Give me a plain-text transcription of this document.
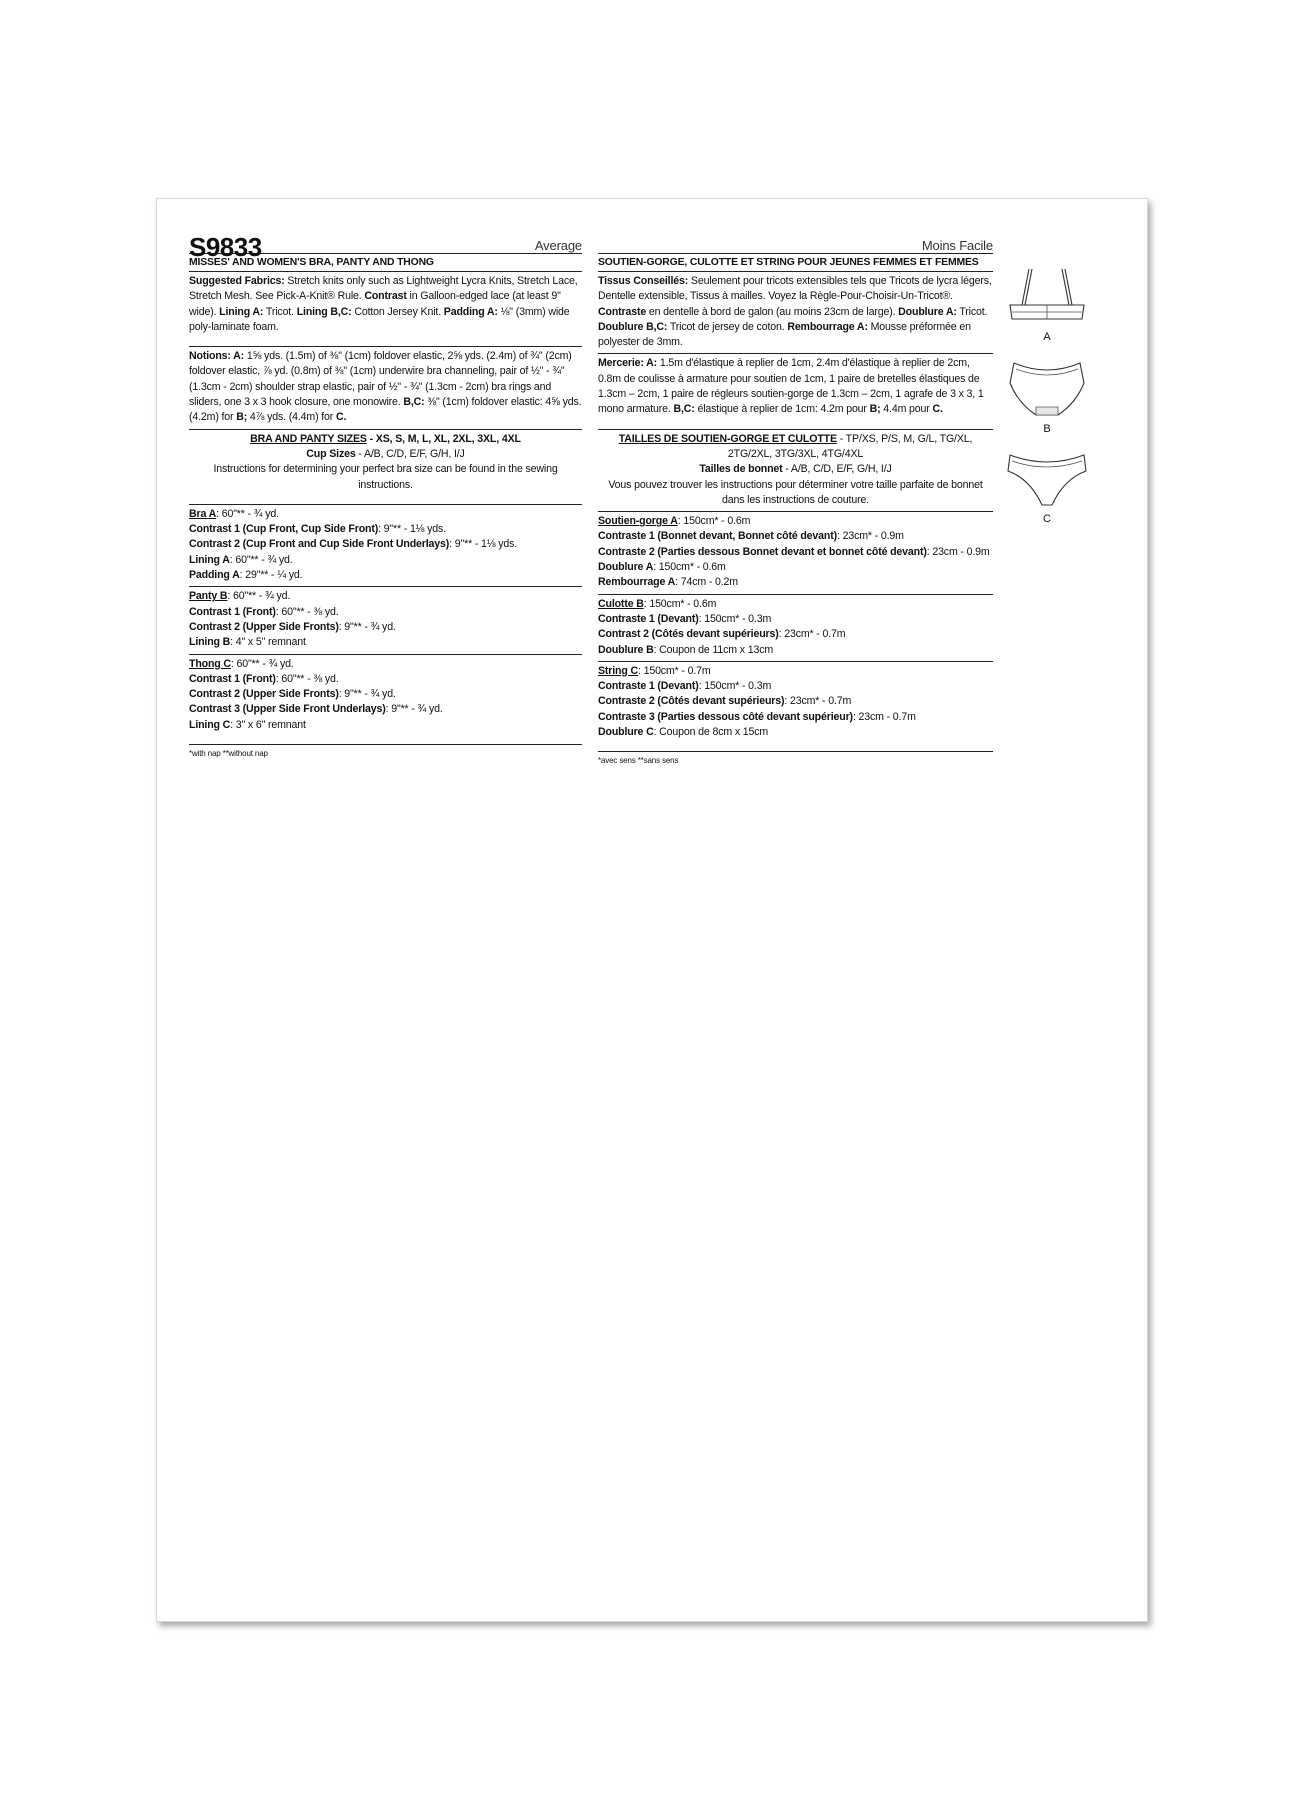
S9833	Average
MISSES' AND WOMEN'S BRA, PANTY AND THONG

Suggested Fabrics: Stretch knits only such as Lightweight Lycra Knits, Stretch Lace, Stretch Mesh. See Pick-A-Knit® Rule. Contrast in Galloon-edged lace (at least 9" wide). Lining A: Tricot. Lining B,C: Cotton Jersey Knit. Padding A: ⅛" (3mm) wide poly-laminate foam.

Notions: A: 1⅝ yds. (1.5m) of ⅜" (1cm) foldover elastic, 2⅝ yds. (2.4m) of ¾" (2cm) foldover elastic, ⅞ yd. (0.8m) of ⅜" (1cm) underwire bra channeling, pair of ½" - ¾" (1.3cm - 2cm) shoulder strap elastic, pair of ½" - ¾" (1.3cm - 2cm) bra rings and sliders, one 3 x 3 hook closure, one monowire. B,C: ⅜" (1cm) foldover elastic: 4⅝ yds. (4.2m) for B; 4⅞ yds. (4.4m) for C.

BRA AND PANTY SIZES - XS, S, M, L, XL, 2XL, 3XL, 4XL

Cup Sizes - A/B, C/D, E/F, G/H, I/J

Instructions for determining your perfect bra size can be found in the sewing instructions.

Bra A: 60"** - ¾ yd.

Contrast 1 (Cup Front, Cup Side Front): 9"** - 1⅛ yds.

Contrast 2 (Cup Front and Cup Side Front Underlays): 9"** - 1⅛ yds.

Lining A: 60"** - ¾ yd.

Padding A: 29"** - ¼ yd.

Panty B: 60"** - ¾ yd.

Contrast 1 (Front): 60"** - ⅜ yd.

Contrast 2 (Upper Side Fronts): 9"** - ¾ yd.

Lining B: 4" x 5" remnant

Thong C: 60"** - ¾ yd.

Contrast 1 (Front): 60"** - ⅜ yd.

Contrast 2 (Upper Side Fronts): 9"** - ¾ yd.

Contrast 3 (Upper Side Front Underlays): 9"** - ¾ yd.

Lining C: 3" x 6" remnant

*with nap **without nap
Moins Facile
SOUTIEN-GORGE, CULOTTE ET STRING POUR JEUNES FEMMES ET FEMMES

Tissus Conseillés: Seulement pour tricots extensibles tels que Tricots de lycra légers, Dentelle extensible, Tissus à mailles. Voyez la Règle-Pour-Choisir-Un-Tricot®. Contraste en dentelle à bord de galon (au moins 23cm de large). Doublure A: Tricot. Doublure B,C: Tricot de jersey de coton. Rembourrage A: Mousse préformée en polyester de 3mm.

Mercerie: A: 1.5m d'élastique à replier de 1cm, 2.4m d'élastique à replier de 2cm, 0.8m de coulisse à armature pour soutien de 1cm, 1 paire de bretelles élastiques de 1.3cm – 2cm, 1 paire de régleurs soutien-gorge de 1.3cm – 2cm, 1 agrafe de 3 x 3, 1 mono armature. B,C: élastique à replier de 1cm: 4.2m pour B; 4.4m pour C.

TAILLES DE SOUTIEN-GORGE ET CULOTTE - TP/XS, P/S, M, G/L, TG/XL, 2TG/2XL, 3TG/3XL, 4TG/4XL

Tailles de bonnet - A/B, C/D, E/F, G/H, I/J

Vous pouvez trouver les instructions pour déterminer votre taille parfaite de bonnet dans les instructions de couture.

Soutien-gorge A: 150cm* - 0.6m

Contraste 1 (Bonnet devant, Bonnet côté devant): 23cm* - 0.9m

Contraste 2 (Parties dessous Bonnet devant et bonnet côté devant): 23cm - 0.9m

Doublure A: 150cm* - 0.6m

Rembourrage A: 74cm - 0.2m

Culotte B: 150cm* - 0.6m

Contraste 1 (Devant): 150cm* - 0.3m

Contrast 2 (Côtés devant supérieurs): 23cm* - 0.7m

Doublure B: Coupon de 11cm x 13cm

String C: 150cm* - 0.7m

Contraste 1 (Devant): 150cm* - 0.3m

Contraste 2 (Côtés devant supérieurs): 23cm* - 0.7m

Contraste 3 (Parties dessous côté devant supérieur): 23cm - 0.7m

Doublure C: Coupon de 8cm x 15cm

*avec sens **sans sens
A
B
C
